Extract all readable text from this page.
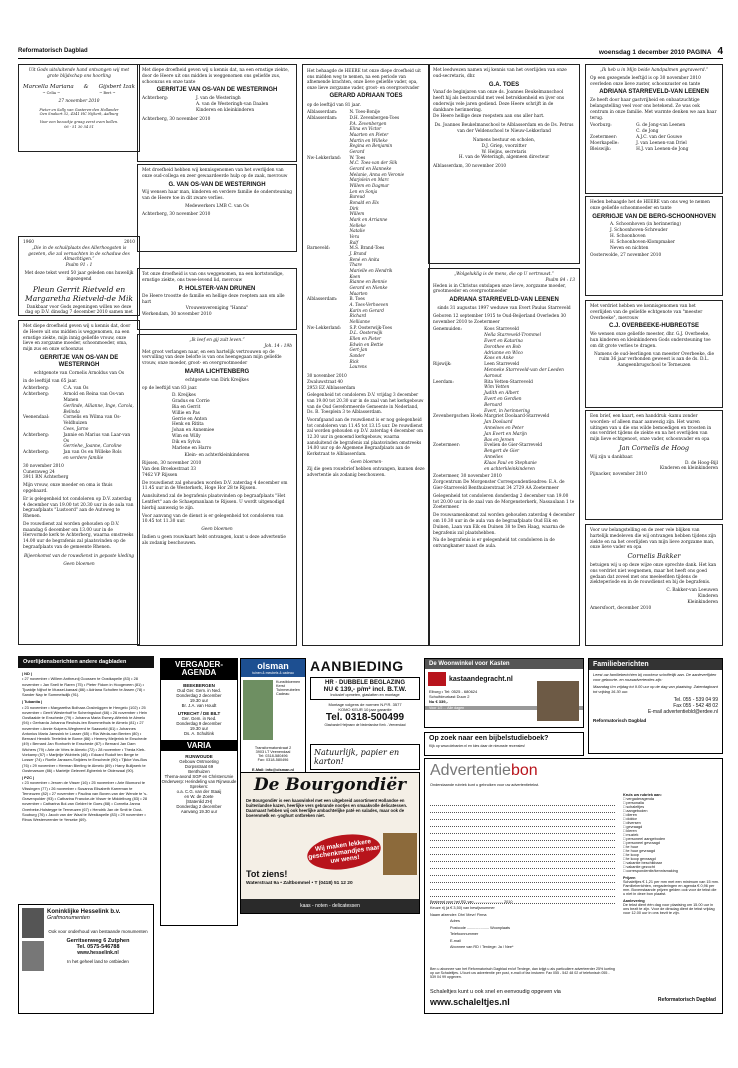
Reformatorisch Dagblad	woensdag 1 december 2010 PAGINA 4
Uit Gods uitsluitende hand ontvangen wij met grote blijdschap ons hoorling
Marcella Mariana & Gijsbert Izak
~ Celia ~	~ Bert ~
27 november 2010
Pieter en Sally van Gasteren-den Hollander
Oen Snakort 52, 4341 HC Nijkerk, Aalburg
Voor een bezoekje graag eerst even bellen.
06 - 51 30 54 51
1960	2010
„Die in de schuilplaats des Allerhoogsten is gezeten, die zal vernachten in de schaduw des Almachtigen.”
Psalm 91 : 1
Met deze tekst werd 50 jaar geleden ons huwelijk ingezegend
Pleun Gerrit Rietveld en Margaretha Rietveld-de Mik
Dankbaar voor Gods zegeningen willen we deze dag op D.V. dinsdag 7 december 2010 samen met
Met diepe droefheid geven wij u kennis dat, door de Heere uit ons midden is weggenomen, na een ernstige ziekte, mijn innig geliefde vrouw, onze lieve en zorgzame moeder, schoonmoeder, oma, mijn zus en onze schoonzus
GERRITJE VAN OS-VAN DE WESTERINGH
echtgenote van Cornelis Arnoldus van Os
in de leeftijd van 65 jaar.
Achterberg:	C.A. van Os
Achterberg:	Arnold en Reina van Os-van Manen
Gerlinde, Allianne, Inge, Carola, Belinda
Veenendaal:	Cornelis en Wilma van Os-Veldhuizen
Cees, Jarno
Achterberg:	Jannie en Marius van Laar-van Os
Gerriehe, Joanne, Caroline
Achterberg:	Jan van Os en Willeke Rols
en verdere familie
30 november 2010
Cuneraweg 24
3911 RN Achterberg
Mijn vrouw, onze moeder en oma is thuis opgebaard.
Er is gelegenheid tot condoleren op D.V. zaterdag 4 december van 19.00 tot 20.30 uur in de aula van begraafplaats "Lustoord" aan de Autoweg te Rhenen.
De rouwdienst zal worden gehouden op D.V. maandag 6 december om 13.00 uur in de Hervormde kerk te Achterberg, waarna omstreeks 14.00 uur de begrafenis zal plaatsvinden op de begraafplaats van de gemeente Rhenen.
Bijeenkomst van de rouwdienst in gepaste kleding
Geen bloemen
Met diepe droefheid geven wij u kennis dat, na een ernstige ziekte, door de Heere uit ons midden is weggenomen ons geliefde zus, schoonzus en onze tante
GERRITJE VAN OS-VAN DE WESTERINGH
Achterberg:	J. van de Westeringh
A. van de Westeringh-van Daalen
Kinderen en kleinkinderen
Achterberg, 30 november 2010
Met droefheid hebben wij kennisgenomen van het overlijden van onze oud-collega en zeer gewaardeerde hulp op de zaak, mevrouw
G. VAN OS-VAN DE WESTERINGH
Wij wensen haar man, kinderen en verdere familie de ondersteuning van de Heere toe in dit zware verlies.
Medewerkers LMB C. van Os
Achterberg, 30 november 2010
Tot onze droefheid is van ons weggenomen, na een kortstondige, ernstige ziekte, ons twee-levend lid, mevrouw
P. HOLSTER-VAN DRUNEN
De Heere troostte de familie en hellige deze roeptem aan om alle hart
Vrouwenvereniging "Hanna"
Werkendam, 30 november 2010
„Ik leef en gij zult leven.”
Joh. 14 : 19b
Met groot verlangen naar, en een hartelijk vertrouwen op de vervulling van deze belofte is van ons heengegaan mijn geliefde vrouw, onze moeder, groot- en overgrootmoeder
MARIA LICHTENBERG
echtgenote van Dirk Kreijkes
op de leeftijd van 83 jaar.
D. Kreijkes
Gradus en Corrie
Bia en Gerrit
Willie en Pas
Gerrie en Anton
Henk en Ritita
Johan en Annemiee
Wim en Willy
Dik en Sylvia
Marlene en Harro
Klein- en achterkleinkinderen
Rijssen, 30 november 2010
Van den Broekestraat 33
7462 VP Rijssen
De rouwdienst zal gehouden worden D.V. zaterdag 4 december om 11.45 uur in de Westerkerk, Hoge Hor 28 te Rijssen.
Aansluitend zal de begrafenis plaatsvinden op begraafplaats "Het Lentfert" aan de Schaepmanlaan te Rijssen. U wordt uitgenodigd hierbij aanwezig te zijn.
Voor aanvang van de dienst is er gelegenheid tot condoleren van 10.45 tot 11.30 uur.
Geen bloemen
Indien u geen rouwkaart hebt ontvangen, kunt u deze advertentie als zodanig beschouwen.
Het behaagde de HEERE tot onze diepe droefheid uit ons midden weg te nemen, na een periode van afnemende krachten, onze lieve geliefde vader, opa, onze lieve zorgzame vader, groot- en overgrootvader
GERARD ADRIAAN TOES
op de leeftijd van 81 jaar.
Alblasserdam:	N. Toes-Bonije
Alblasserdam:	D.H. Zevenbergen-Toes
P.A. Zevenbergen
Elina en Victor
Maarten en Pieter
Martin en Willeke
Regina en Benjamin
Gerard
Nw-Lekkerland:	W. Toes
M.C. Toes-van der Slik
Gerard en Hanneke
Melanie, Anna en Veronie
Marjolein en Marc
Willem en Dagmar
Len en Sonja
Bareud
Ronald en Els
Dirk
Willem
Mark en Arrianne
Nelleke
Natalie
Vera
Ralf
Barneveld:	M.S. Brand-Toes
J. Brand
René en Anita
Thare
Marielle en Hendrik
Koen
Rianne en Bennie
Gerard en Nienke
Maarten
Alblasserdam:	B. Toes
A. Toes-Verhoeven
Karin en Gerard
Richard
Nellianne
Nw-Lekkerland:	S.P. Oosterwijk-Toes
D.L. Oosterwijk
Ellen en Pieter
Edwin en Bettie
Gert-Jan
Sander
Rick
Laurens
30 november 2010
Zwaluwstraat 40
2953 EZ Alblasserdam
Gelegenheid tot condoleren D.V. vrijdag 3 december van 19.00 tot 20.30 uur in de zaal van het kerkgebouw van de Oud Gereformeerde Gemeente in Nederland, Ds. B. Toesplein 3 te Alblasserdam.
Voorafgaand aan de rouwdienst is er nog gelegenheid tot condoleren van 11.45 tot 13.15 uur. De rouwdienst zal worden gehouden op D.V. zaterdag 4 december om 12.30 uur in genoemd kerkgebouw, waarna aansluitend de begrafenis zal plaatsvinden omstreeks 14.00 uur op de Algemene Begraafplaats aan de Kerkstraat te Alblasserdam.
-Geen bloemen-
Zij die geen rouwbrief hebben ontvangen, kunnen deze advertentie als zodanig beschouwen.
Met leedwezen namen wij kennis van het overlijden van onze oud-secretaris, dhr.
G.A. TOES
Vanaf de beginjaren van onze ds. Joannes Beukelmanschool heeft hij als bestuurslid met veel betrokkenheid en ijver ons onderwijs vele jaren gediend. Deze Heere schrijft in de dankbare herinnering.
De Heere hellige deze roepstem aan ons aller hart.
Ds. Joannes Beukelmanschool te Alblasserdam en de Ds. Petrus van der Veldenschool te Nieuw-Lekkerland
Namens bestuur en scholen,
D.J. Griep, voorzitter
W. Heijns, secretaris
H. van de Weteringh, algemeen directeur
Alblasserdam, 30 november 2010
„Wolgeluklig is de mens, die op U vertrouwt.”
Psalm 84 : 13
Heden is in Christus ontslapen onze lieve, zorgzame moeder, grootmoeder en overgrootmoeder
ADRIANA STARREVELD-VAN LEENEN
sinds 31 augustus 1997 weduwe van Evert Paulus Starreveld
Geboren 12 september 1915 te Oud-Beijerland Overleden 30 november 2010 te Zoetermeer
Genemuiden:	Koos Starreveld
Nella Starreveld-Trommel
Evert en Katarina
Dorothee en Bob
Adrianne en Wico
Koos en Anke
Rijswijk:	Leen Starreveld
Menneke Starreveld-van der Leeden
Aarnout
Leerdam:	Rita Vetten-Starreveld
Wim Vetten
Judith en Albert
Evert en Gerdien
Bernard
Evert, in herinnering
Zevenbergschen Hoek: Margriet Doolaard-Starreveld
Jan Doolaard
Anneloes en Peter
Jan Evert en Marijn
Bas en Jeroen
Zoetermeer:	Evelien de Gier-Starreveld
Bengert de Gier
Annelies
Klaas Paul en Stephanie
en achterkleinkinderen
Zoetermeer, 30 november 2010
Zorgcentrum De Morgenster Correspondentieadres: E.A. de Gier-Starreveld Benthuizerstraat 34 2729 AA Zoetermeer
Gelegenheid tot condoleren donderdag 2 december van 19.00 tot 20.00 uur in de zaal van de Morgensterkerk, Nassaulaan 1 te Zoetermeer.
De rouwsamenkomst zal worden gehouden zaterdag 4 december om 10.30 uur in de aula van de begraafplaats Oud Eik en Duinen, Laan van Eik en Duinen 38 te Den Haag, waarna de begrafenis zal plaatshebben.
Na de begrafenis is er gelegenheid tot condoleren in de ontvangkamer naast de aula.
„Ik heb u in Mijn beide handpalmen gegraveerd.”
Op een gezegende leeftijd is op 30 november 2010 overleden onze lieve zuster, schoonzuster en tante
ADRIANA STARREVELD-VAN LEENEN
Ze heeft door haar gastvrijheid en onbaatzuchtige belangstelling veel voor ons betekend. Ze was ook centrum in onze familie. Met warmte denken we aan haar terug.
Voorburg:	G. de Jong-van Leenen
C. de Jong
Zoetermeer:	A.J.C. van der Gouwe
Moerkapelle:	J. van Leenen-van Driel
Bleiswijk:	H.J. van Leenen-de Jong
Heden behaagde het de HEERE van ons weg te nemen onze geliefde schoonmoeder en tante
GERRIGJE VAN DE BERG-SCHOONHOVEN
A. Schoonhoven (in herinnering)
J. Schoonhoven-Schreuder
H. Schoonhoven
H. Schoonhoven-Klompmaker
Neven en nichten
Oosterwolde, 27 november 2010
Met verdriet hebben we kennisgenomen van het overlijden van de geliefde echtgenote van "meester Overbeeke", mevrouw
C.J. OVERBEEKE-HUBREGTSE
We wensen onze geliefde meester, dhr. G.J. Overbeeke, hun kinderen en kleinkinderen Gods ondersteuning toe om dit grote verlies te dragen.
Namens de oud-leerlingen van meester Overbeeke, die ruim 36 jaar verbonden geweest is aan de ds. D.L. Aangeenbrugschool te Terneuzen
Een brief, een kaart, een handdruk -kamu zonder woorden- of alleen maar aanwezig zijn. Het waren uitingen van u die ons wilde bemoedigen en troosten in ons verdriet tijdens de ziekte en na het overlijden van mijn lieve echtgenoot, onze vader, schoonvader en opa
Jan Cornelis de Hoog
Wij zijn u dankbaar.
D. de Hoog-Bijl
Kinderen en kleinkinderen
Pijnacker, november 2010
Voor uw belangstelling en de zeer vele blijken van hartelijk medeleven die wij ontvangen hebben tijdens zijn ziekte en na het overlijden van mijn lieve zorgzame man, onze lieve vader en opa
Cornelis Bakker
betuigen wij u op deze wijze onze oprechte dank. Het kan ons verdriet niet wegnemen, maar het heeft ons goed gedaan dat zoveel met ons meeleefden tijdens de ziekteperiode en in de rouwdienst en bij de begrafenis.
C. Bakker-van Leeuwen
Kinderen
Kleinkinderen
Amersfoort, december 2010
Overlijdensberichten andere dagbladen
| ND |
• 27 november • Willem Antheunij Goossen te Oostkapelle (83) • 28 november • Jan Snell te Raren (75) • Pieter Fidom in Hoogeveen (81) • Tjoatdje Nijhof te Mussel-kanaal (86) • Adriana Scholten te Assen (78) • Sander Nap te Sommelsdijk (91).
| Tubantia |
• 23 november • Margaretha Bolhaar-Oosbrüggen te Hengelo (102) • 25 november • Gerrit Westerhoff te Scheringsloot (66) • 26 november • Hein Oostlaalde te Enschede (79) • Johanna Maria Esmey-Afterink te Almelo (94) • Gerharda Johanna Reuhuis-ten Brummelhuis te Almelo (81) • 27 november • Annie Kuipers-Wegheerd te Saasveld (81) • Johannes Antonius Maria Janssink te Losser (65) • Ria Weda-van Benten (80) • Bernard Hendrik Teetelink te Borne (86) • Hemmy Meijerink te Enschede (49) • Bernard Jan Ronhorth te Enschede (87) • Bernard Jan Dam Wichers (79) • Arie de Vries te Almelo (72) • 28 november • Theda Kleb-Vorkamp (57) • Marijntje Wubbels (48) • Eduard Rudolf ten Berge te Losser (74) • Roelie Janssen-Snijders te Enschede (90) • Tjikke Vos-Bos (76) • 29 november • Herman Bierling te Almelo (89) • Harry Bulljwerk te Oostmarsum (86) • Marietje Geleverf-Egberink te Oldenzaal (90).
| PZC |
• 23 november • Jeroen de Visser (16) • 25 november • Arie Blomond te Vlissingen (77) • 26 november • Susanna Elisabeth Karreman te Terneuzen (82) • 27 november • Paulina van Boven-van der Wende te 's-Gravenpolder (93) • Catharina Francke-de Visser te Middelburg (83) • 28 november • Catharina Bol-van Geldrel te Goes (88) • Cornelia Janna Overbeke-Holsteyge te Terneuzen (67) • Hendrik Jan de Smit te Oost-Souburg (76) • Jacob van der Waal te Westkapelle (83) • 29 november • Rinus Westerveerder te Yerseke (69).
Koninklijke Hesselink b.v.
Grafmonumenten
Ook voor onderhoud van bestaande monumenten
Gerritsenweg 6 Zutphen
Tel. 0575-546788
www.hesselink.nl
In het geheel land te ontbieden
VERGADER-AGENDA
BEEKBERGEN
Oud Ger. Gem. in Ned.
Donderdag 2 december
19.30 uur
Br. J.A. van Houdt
UTRECHT / DE BILT
Ger. Gem. in Ned.
Donderdag 9 december
19.30 uur
Ds. A. Schultink
VARIA
RIJNWOUDE
Gebouw Ontmoeting
Dorpsstraat 69
Benthuizen
Thema-avond SGP en ChristenUnie
Onderwerp: Herindeling van Rijnwoude
Sprekers:
o.a. C.G. van der Staaij
en W. de Zoete
(Statenlid ZH)
Donderdag 2 december
Aanvang 19.30 uur
olsman
tuinen & meubels & cadeau
Kunstbloemen
Kerst
Tuinmeubelen
Cadeau
Transformatorstraat 2
3903 LT Veenendaal
Tel: 0318-580496
Fax: 0318-580496
E-Mail: info@olsman.nl
AANBIEDING
HR · DUBBELE BEGLAZING
NU € 139,- p/m² incl. B.T.W.
Inclusief opmeten, glaslatten en montage
Montage volgens de normen N.P.R. 3577
KOMO KEUR 10 jaar garantie
Tel. 0318-500499
Glashandel Heijmann de Nederlandse Kerk - Veenendaal
Natuurlijk, papier en karton!
De Bourgondiër
De Bourgondiër is een kaaswinkel met een uitgebreid assortiment Hollandse en buitenlandse kazen, heerlijke vers gebrande nootjes en smaakvolle delicatessen. Daarnaast hebben wij ook heerlijke ambachtelijke paté en salades, maar ook de boerenmelk en -yoghurt ontbreken niet.
Wij maken lekkere geschenkmandjes naar uw wens!
Tot ziens!
Waterstraat 9a • Zaltbommel • T (0418) 51 12 20
kaas - noten - delicatessen
De Woonwinkel voor Kasten
kastaandegracht.nl
Elburg • Tel: 0525 - 680624
Schuifdeurkast Duun 2
Nu € 339,-
Voor 1/2 ... Alle dagen
Op zoek naar een bijbelstudieboek?
Kijk op www.debanier.nl en kies daar de nieuwste recensies!
Familieberichten
Leest uw familieberichten bij voorkeur schriftelijk aan. De aanleverfijden voor geboorte- en rouwadvertenties zijn:
Maandag t/m vrijdag tot 9.00 uur op de dag van plaatsing. Zaterdagkrant tot vrijdag 16.30 uur.
Tel. 055 - 539 04 99
Fax 055 - 542 48 02
E-mail advertentiebld@erdee.nl
Reformatorisch Dagblad
Advertentiebon
Onderstaande rubriek kunt u gebruiken voor uw advertentietekst.
Bestemd voor het RD van ........................... 2010
Keuze rij (à € 3,50) van bewijsnummer
Naam afzender: Dhr/ Mevr/ Firma
Adres
Postcode ..................... Woonplaats
Telefoonnummer
E-mail
Abonnee van RD / Terdege: Ja / Nee*
Ben u abonnee van het Reformatorisch Dagblad en/of Terdege, dan krijgt u als particuliere adverteerder 25% korting op uw Schaleltjes. U kunt uw advertentie per post, e-mail of fax insturen: Fax 055 - 542 48 02 of telefonisch 055 - 539 04 99 opgeven.
Schaleltjes kunt u ook snel en eenvoudig opgeven via
www.schaleltjes.nl
Kruis uw rubriek aan:
□ vergaderagenda
□ personalia
□ schaleltjes
□ aangeboden
□ dieren
□ doktor
□ diversen
□ gevraagd
□ kleren
□ muziek
□ personeel aangeboden
□ personeel gevraagd
□ te huur
□ te huur gevraagd
□ te koop
□ te koop gevraagd
□ vakantie beschikbaar
□ vakantie gezocht
□ correspondentie/kennismaking
Prijzen
Schaleltjes € 1,21 per mm met een minimum van 15 mm. Familieberichten, vergaderingen en agenda € 0,96 per mm. Bovenstaande prijzen gelden ook voor de tekst die u niet in deze bon plaatst.
Aanlevering
De tekst dient één dag voor plaatsing om 15.00 uur in ons bezit te zijn. Voor de dinsdag dient de tekst vrijdag voor 12.00 uur in ons bezit te zijn.
Reformatorisch Dagblad
